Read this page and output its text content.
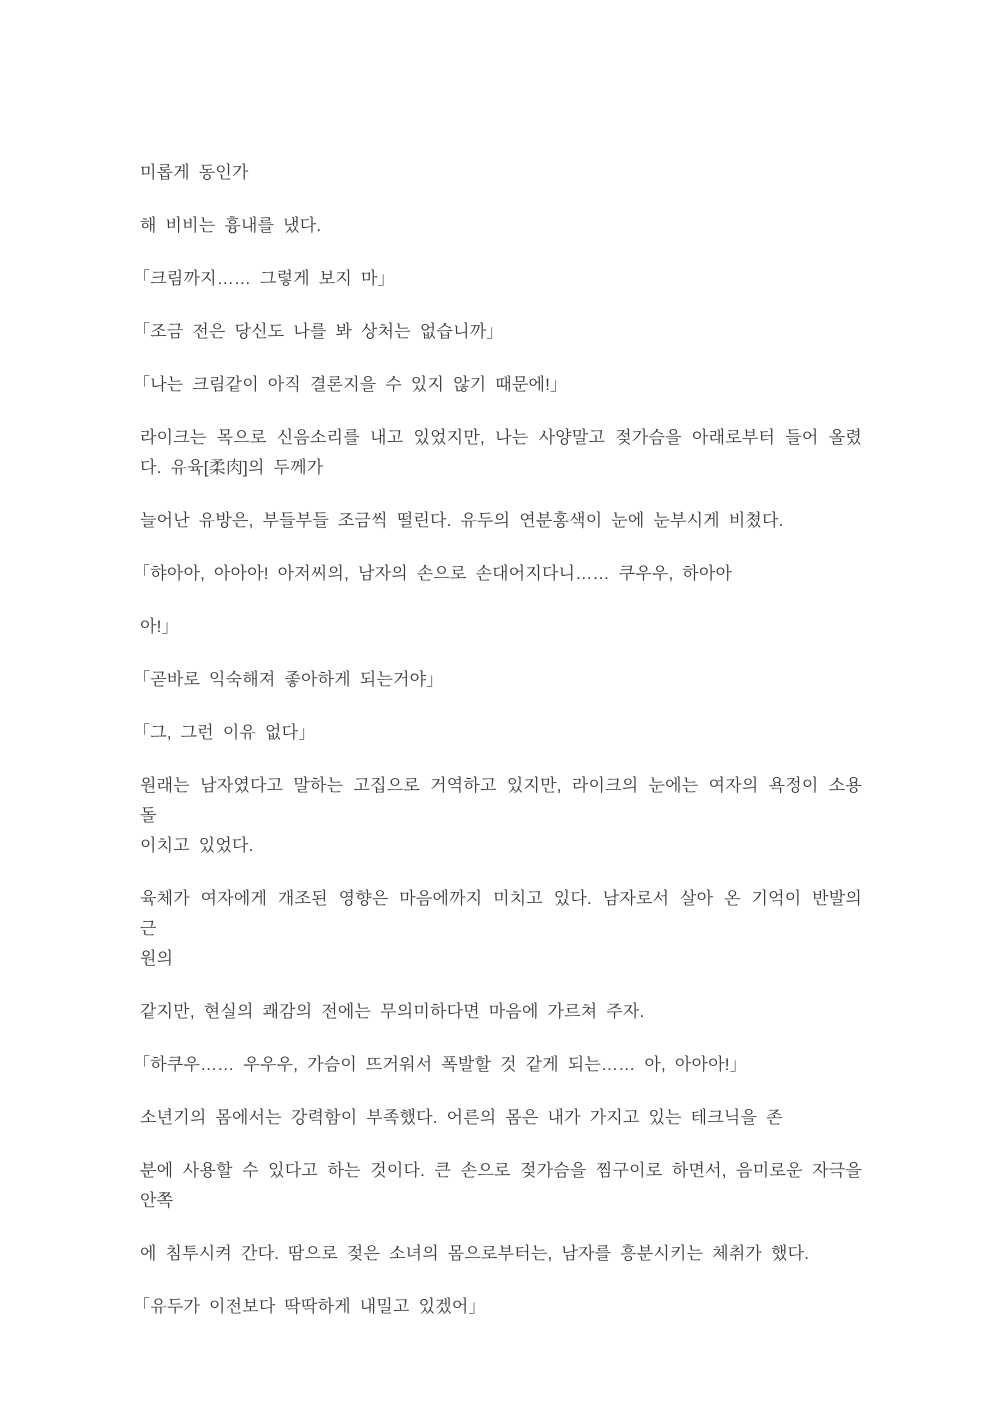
미롭게 동인가

해 비비는 흉내를 냈다.

「크림까지…… 그렇게 보지 마」

「조금 전은 당신도 나를 봐 상처는 없습니까」

「나는 크림같이 아직 결론지을 수 있지 않기 때문에!」

라이크는 목으로 신음소리를 내고 있었지만, 나는 사양말고 젖가슴을 아래로부터 들어 올렸
다. 유육[柔肉]의 두께가

늘어난 유방은, 부들부들 조금씩 떨린다. 유두의 연분홍색이 눈에 눈부시게 비쳤다.

「햐아아, 아아아! 아저씨의, 남자의 손으로 손대어지다니…… 쿠우우, 하아아

아!」

「곧바로 익숙해져 좋아하게 되는거야」

「그, 그런 이유 없다」

원래는 남자였다고 말하는 고집으로 거역하고 있지만, 라이크의 눈에는 여자의 욕정이 소용돌
이치고 있었다.

육체가 여자에게 개조된 영향은 마음에까지 미치고 있다. 남자로서 살아 온 기억이 반발의 근
원의

같지만, 현실의 쾌감의 전에는 무의미하다면 마음에 가르쳐 주자.

「하쿠우…… 우우우, 가슴이 뜨거워서 폭발할 것 같게 되는…… 아, 아아아!」

소년기의 몸에서는 강력함이 부족했다. 어른의 몸은 내가 가지고 있는 테크닉을 존

분에 사용할 수 있다고 하는 것이다. 큰 손으로 젖가슴을 찜구이로 하면서, 음미로운 자극을
안쪽

에 침투시켜 간다. 땀으로 젖은 소녀의 몸으로부터는, 남자를 흥분시키는 체취가 했다.

「유두가 이전보다 딱딱하게 내밀고 있겠어」
